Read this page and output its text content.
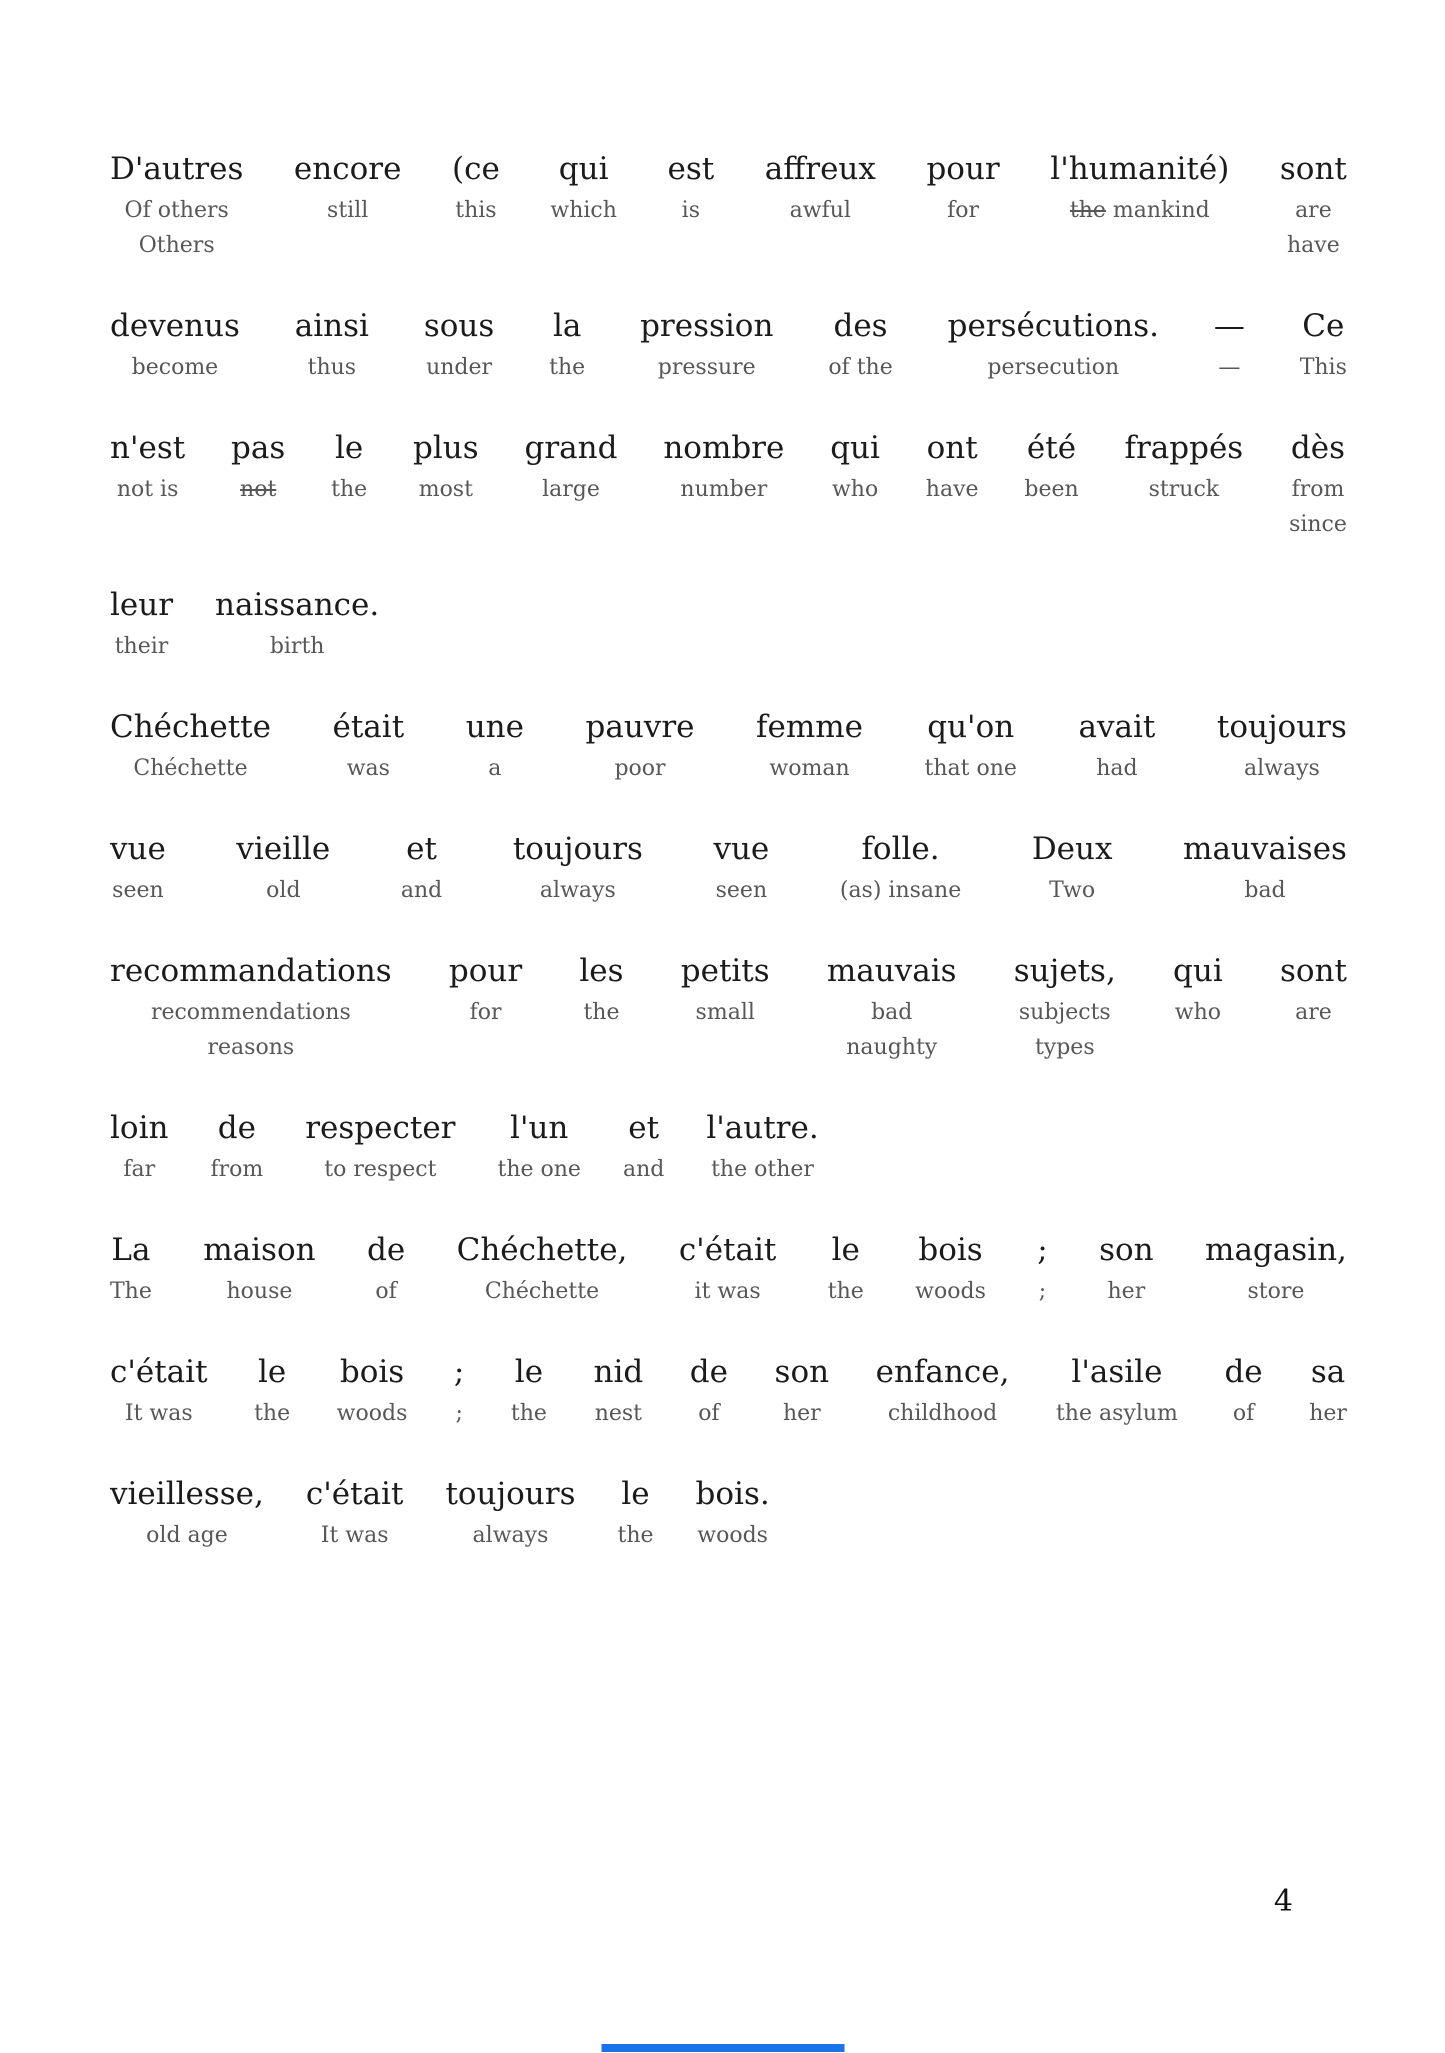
D'autres
Of others
Others
encore
still
(ce
this
qui
which
est
is
affreux
awful
pour
for
l'humanité)
the mankind
sont
are
have
devenus
become
ainsi
thus
sous
under
la
the
pression
pressure
des
of the
persécutions.
persecution
—
—
Ce
This
n'est
not is
pas
not
le
the
plus
most
grand
large
nombre
number
qui
who
ont
have
été
been
frappés
struck
dès
from
since
leur
their
naissance.
birth
Chéchette
Chéchette
était
was
une
a
pauvre
poor
femme
woman
qu'on
that one
avait
had
toujours
always
vue
seen
vieille
old
et
and
toujours
always
vue
seen
folle.
(as) insane
Deux
Two
mauvaises
bad
recommandations
recommendations
reasons
pour
for
les
the
petits
small
mauvais
bad
naughty
sujets,
subjects
types
qui
who
sont
are
loin
far
de
from
respecter
to respect
l'un
the one
et
and
l'autre.
the other
La
The
maison
house
de
of
Chéchette,
Chéchette
c'était
it was
le
the
bois
woods
;
;
son
her
magasin,
store
c'était
It was
le
the
bois
woods
;
;
le
the
nid
nest
de
of
son
her
enfance,
childhood
l'asile
the asylum
de
of
sa
her
vieillesse,
old age
c'était
It was
toujours
always
le
the
bois.
woods
4
